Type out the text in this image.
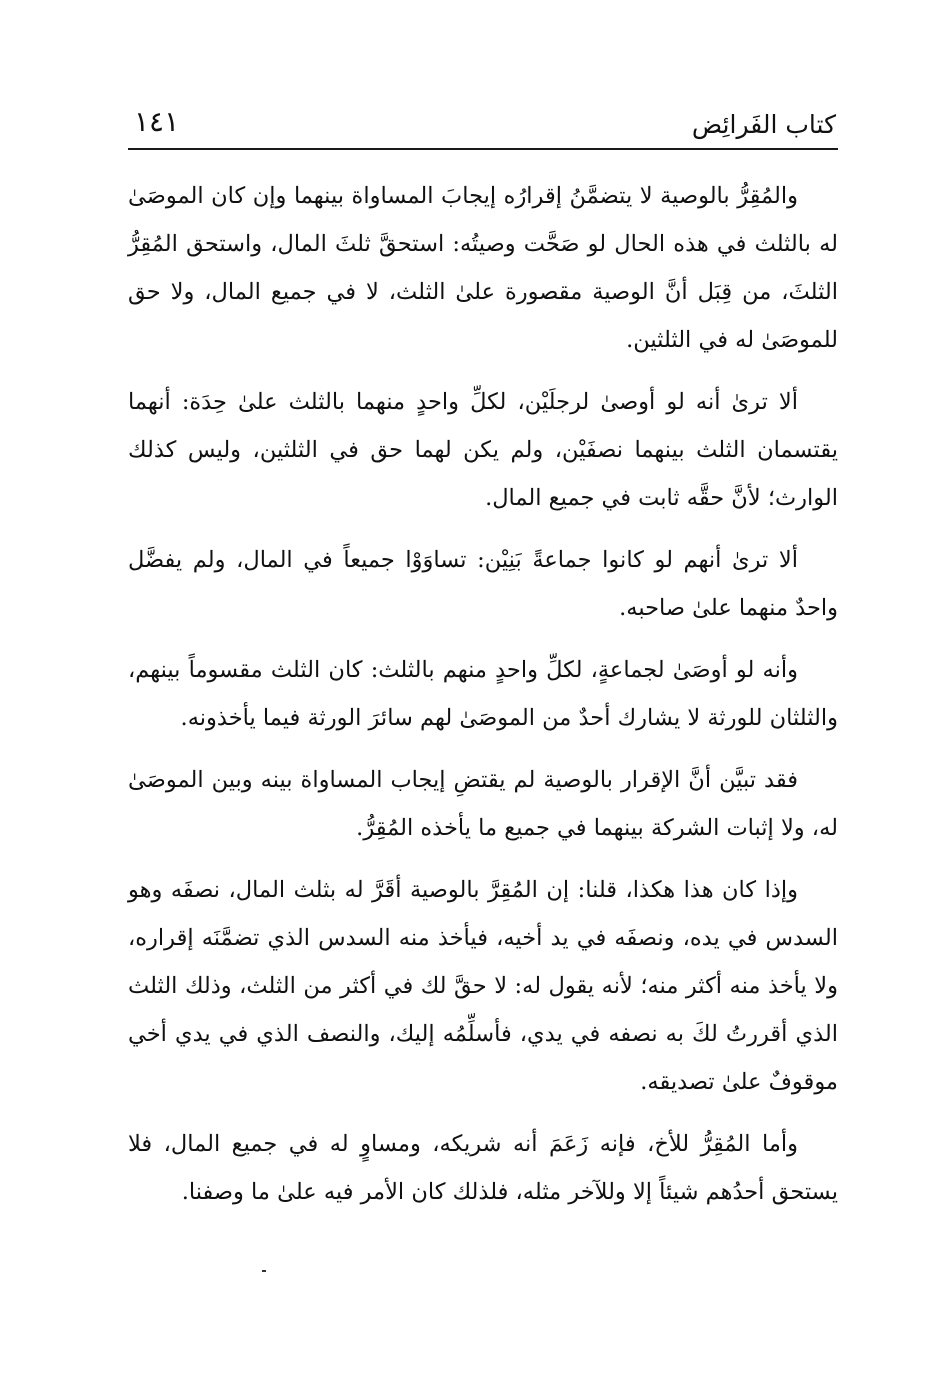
كتاب الفَرائِض
١٤١

والمُقِرُّ بالوصية لا يتضمَّنُ إقرارُه إيجابَ المساواة بينهما وإن كان الموصَىٰ له بالثلث في هذه الحال لو صَحَّت وصيتُه: استحقَّ ثلثَ المال، واستحق المُقِرُّ الثلثَ، من قِبَل أنَّ الوصية مقصورة علىٰ الثلث، لا في جميع المال، ولا حق للموصَىٰ له في الثلثين.

ألا ترىٰ أنه لو أوصىٰ لرجلَيْن، لكلِّ واحدٍ منهما بالثلث علىٰ حِدَة: أنهما يقتسمان الثلث بينهما نصفَيْن، ولم يكن لهما حق في الثلثين، وليس كذلك الوارث؛ لأنَّ حقَّه ثابت في جميع المال.

ألا ترىٰ أنهم لو كانوا جماعةً بَنِيْن: تساوَوْا جميعاً في المال، ولم يفضَّل واحدٌ منهما علىٰ صاحبه.

وأنه لو أوصَىٰ لجماعةٍ، لكلِّ واحدٍ منهم بالثلث: كان الثلث مقسوماً بينهم، والثلثان للورثة لا يشارك أحدٌ من الموصَىٰ لهم سائرَ الورثة فيما يأخذونه.

فقد تبيَّن أنَّ الإقرار بالوصية لم يقتضِ إيجاب المساواة بينه وبين الموصَىٰ له، ولا إثبات الشركة بينهما في جميع ما يأخذه المُقِرُّ.

وإذا كان هذا هكذا، قلنا: إن المُقِرَّ بالوصية أقَرَّ له بثلث المال، نصفَه وهو السدس في يده، ونصفَه في يد أخيه، فيأخذ منه السدس الذي تضمَّنَه إقراره، ولا يأخذ منه أكثر منه؛ لأنه يقول له: لا حقَّ لك في أكثر من الثلث، وذلك الثلث الذي أقررتُ لكَ به نصفه في يدي، فأسلِّمُه إليك، والنصف الذي في يدي أخي موقوفٌ علىٰ تصديقه.

وأما المُقِرُّ للأخ، فإنه زَعَمَ أنه شريكه، ومساوٍ له في جميع المال، فلا يستحق أحدُهم شيئاً إلا وللآخر مثله، فلذلك كان الأمر فيه علىٰ ما وصفنا.
